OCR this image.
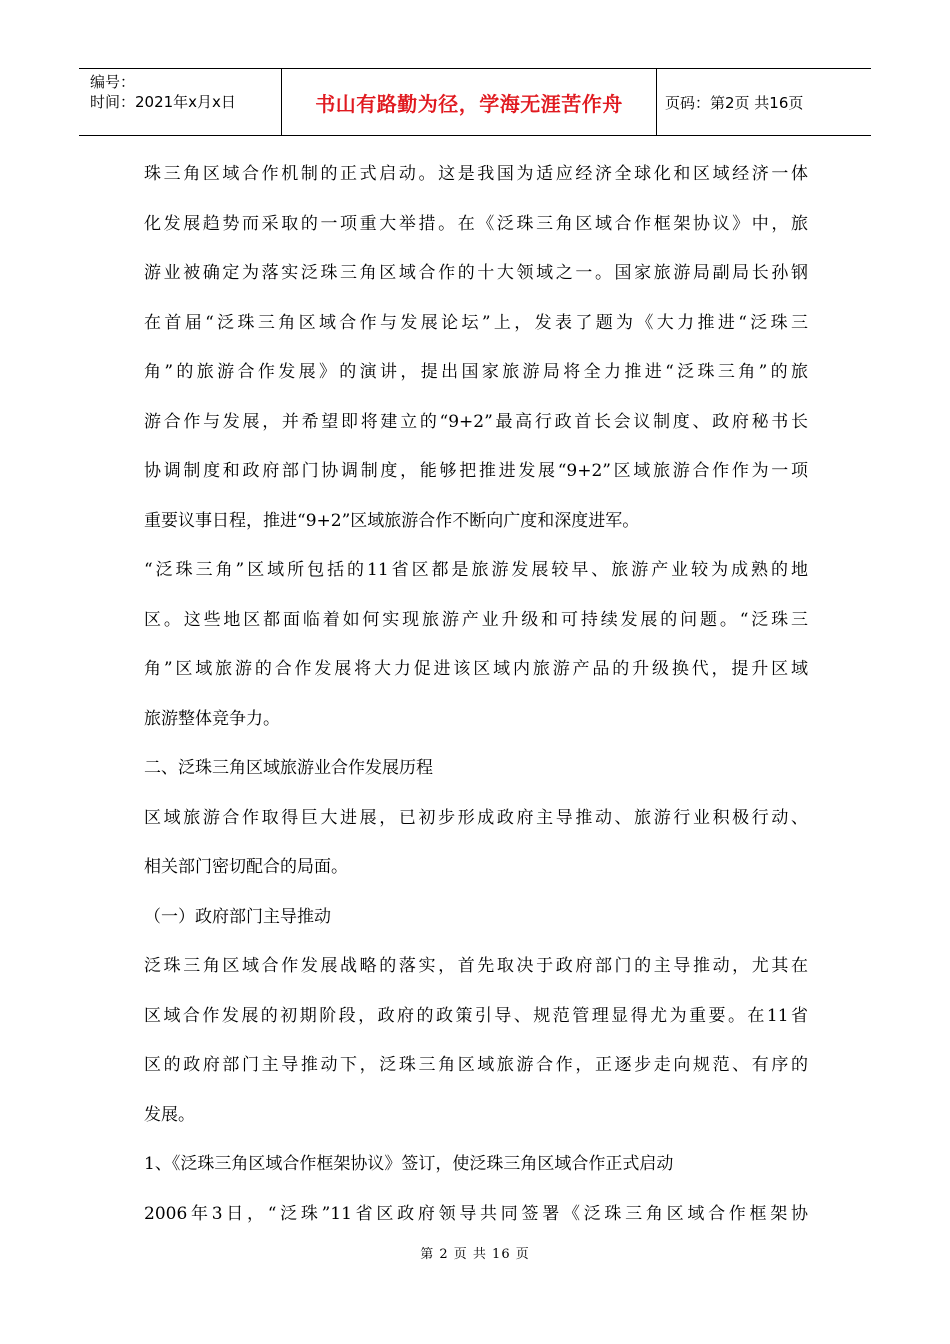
编号：
时间：2021年x月x日	书山有路勤为径，学海无涯苦作舟	页码：第2页 共16页

珠三角区域合作机制的正式启动。这是我国为适应经济全球化和区域经济一体

化发展趋势而采取的一项重大举措。在《泛珠三角区域合作框架协议》中，旅

游业被确定为落实泛珠三角区域合作的十大领域之一。国家旅游局副局长孙钢

在首届“泛珠三角区域合作与发展论坛”上，发表了题为《大力推进“泛珠三

角”的旅游合作发展》的演讲，提出国家旅游局将全力推进“泛珠三角”的旅

游合作与发展，并希望即将建立的“9+2”最高行政首长会议制度、政府秘书长

协调制度和政府部门协调制度，能够把推进发展“9+2”区域旅游合作作为一项

重要议事日程，推进“9+2”区域旅游合作不断向广度和深度进军。

“泛珠三角”区域所包括的11省区都是旅游发展较早、旅游产业较为成熟的地

区。这些地区都面临着如何实现旅游产业升级和可持续发展的问题。“泛珠三

角”区域旅游的合作发展将大力促进该区域内旅游产品的升级换代，提升区域

旅游整体竞争力。

二、泛珠三角区域旅游业合作发展历程

区域旅游合作取得巨大进展，已初步形成政府主导推动、旅游行业积极行动、

相关部门密切配合的局面。

（一）政府部门主导推动

泛珠三角区域合作发展战略的落实，首先取决于政府部门的主导推动，尤其在

区域合作发展的初期阶段，政府的政策引导、规范管理显得尤为重要。在11省

区的政府部门主导推动下，泛珠三角区域旅游合作，正逐步走向规范、有序的

发展。

1、《泛珠三角区域合作框架协议》签订，使泛珠三角区域合作正式启动

2006年3日，“泛珠”11省区政府领导共同签署《泛珠三角区域合作框架协

第 2 页 共 16 页
